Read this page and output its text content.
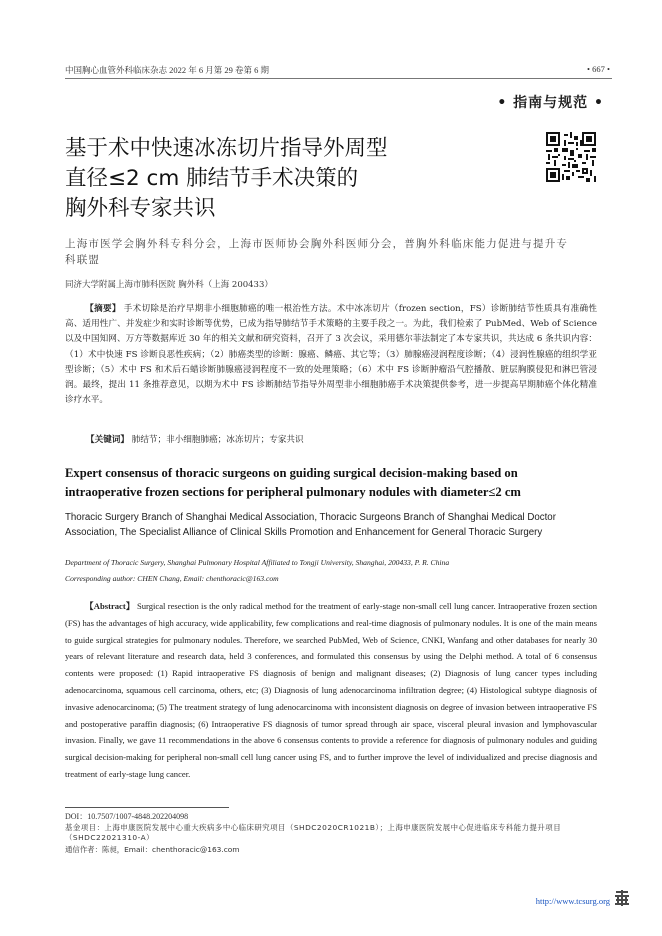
中国胸心血管外科临床杂志 2022 年 6 月第 29 卷第 6 期	• 667 •
• 指南与规范 •
基于术中快速冰冻切片指导外周型
直径≤2 cm 肺结节手术决策的
胸外科专家共识
上海市医学会胸外科专科分会，上海市医师协会胸外科医师分会，普胸外科临床能力促进与提升专科联盟
同济大学附属上海市肺科医院 胸外科（上海 200433）

【摘要】 手术切除是治疗早期非小细胞肺癌的唯一根治性方法。术中冰冻切片（frozen section，FS）诊断肺结节性质具有准确性高、适用性广、并发症少和实时诊断等优势，已成为指导肺结节手术策略的主要手段之一。为此，我们检索了 PubMed、Web of Science 以及中国知网、万方等数据库近 30 年的相关文献和研究资料，召开了 3 次会议，采用德尔菲法制定了本专家共识，共达成 6 条共识内容：（1）术中快速 FS 诊断良恶性疾病；（2）肺癌类型的诊断：腺癌、鳞癌、其它等；（3）肺腺癌浸润程度诊断；（4）浸润性腺癌的组织学亚型诊断；（5）术中 FS 和术后石蜡诊断肺腺癌浸润程度不一致的处理策略；（6）术中 FS 诊断肿瘤沿气腔播散、脏层胸膜侵犯和淋巴管浸润。最终，提出 11 条推荐意见，以期为术中 FS 诊断肺结节指导外周型非小细胞肺癌手术决策提供参考，进一步提高早期肺癌个体化精准诊疗水平。

【关键词】 肺结节；非小细胞肺癌；冰冻切片；专家共识
Expert consensus of thoracic surgeons on guiding surgical decision-making based on intraoperative frozen sections for peripheral pulmonary nodules with diameter≤2 cm
Thoracic Surgery Branch of Shanghai Medical Association, Thoracic Surgeons Branch of Shanghai Medical Doctor Association, The Specialist Alliance of Clinical Skills Promotion and Enhancement for General Thoracic Surgery
Department of Thoracic Surgery, Shanghai Pulmonary Hospital Affiliated to Tongji University, Shanghai, 200433, P. R. China
Corresponding author: CHEN Chang, Email: chenthoracic@163.com

【Abstract】 Surgical resection is the only radical method for the treatment of early-stage non-small cell lung cancer. Intraoperative frozen section (FS) has the advantages of high accuracy, wide applicability, few complications and real-time diagnosis of pulmonary nodules. It is one of the main means to guide surgical strategies for pulmonary nodules. Therefore, we searched PubMed, Web of Science, CNKI, Wanfang and other databases for nearly 30 years of relevant literature and research data, held 3 conferences, and formulated this consensus by using the Delphi method. A total of 6 consensus contents were proposed: (1) Rapid intraoperative FS diagnosis of benign and malignant diseases; (2) Diagnosis of lung cancer types including adenocarcinoma, squamous cell carcinoma, others, etc; (3) Diagnosis of lung adenocarcinoma infiltration degree; (4) Histological subtype diagnosis of invasive adenocarcinoma; (5) The treatment strategy of lung adenocarcinoma with inconsistent diagnosis on degree of invasion between intraoperative FS and postoperative paraffin diagnosis; (6) Intraoperative FS diagnosis of tumor spread through air space, visceral pleural invasion and lymphovascular invasion. Finally, we gave 11 recommendations in the above 6 consensus contents to provide a reference for diagnosis of pulmonary nodules and guiding surgical decision-making for peripheral non-small cell lung cancer using FS, and to further improve the level of individualized and precise diagnosis and treatment of early-stage lung cancer.

DOI：10.7507/1007-4848.202204098
基金项目：上海申康医院发展中心重大疾病多中心临床研究项目（SHDC2020CR1021B）；上海申康医院发展中心促进临床专科能力提升项目（SHDC22021310-A）
通信作者：陈昶，Email：chenthoracic@163.com
http://www.tcsurg.org
